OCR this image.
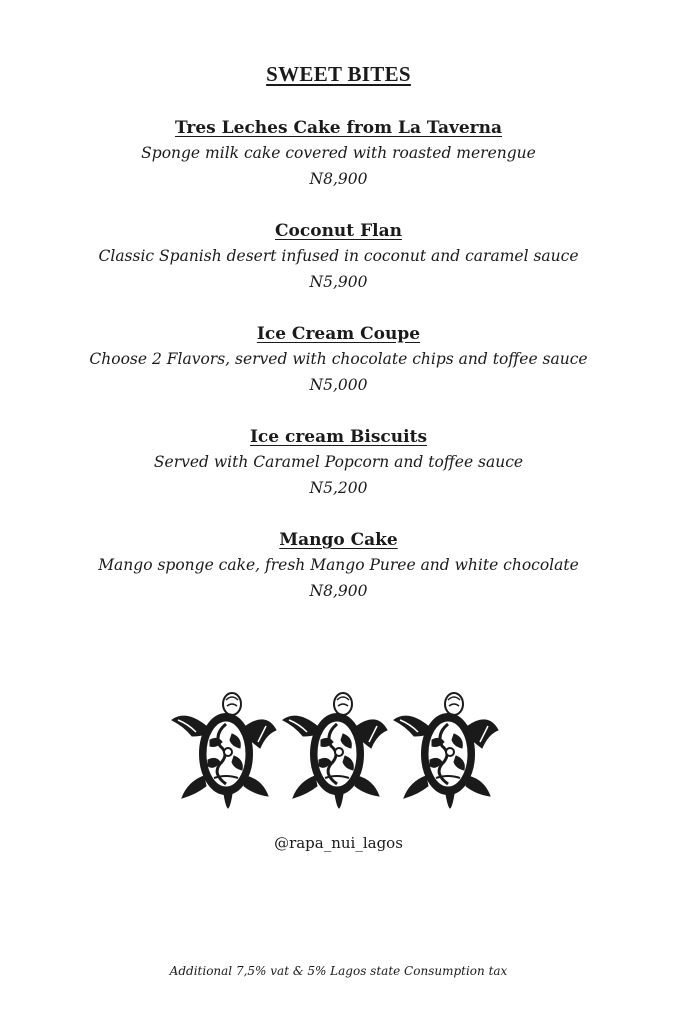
SWEET BITES
Tres Leches Cake from La Taverna
Sponge milk cake covered with roasted merengue
N8,900
Coconut Flan
Classic Spanish desert infused in coconut and caramel sauce
N5,900
Ice Cream Coupe
Choose 2 Flavors, served with chocolate chips and toffee sauce
N5,000
Ice cream Biscuits
Served with Caramel Popcorn and toffee sauce
N5,200
Mango Cake
Mango sponge cake, fresh Mango Puree and white chocolate
N8,900
@rapa_nui_lagos
Additional 7,5% vat & 5% Lagos state Consumption tax
